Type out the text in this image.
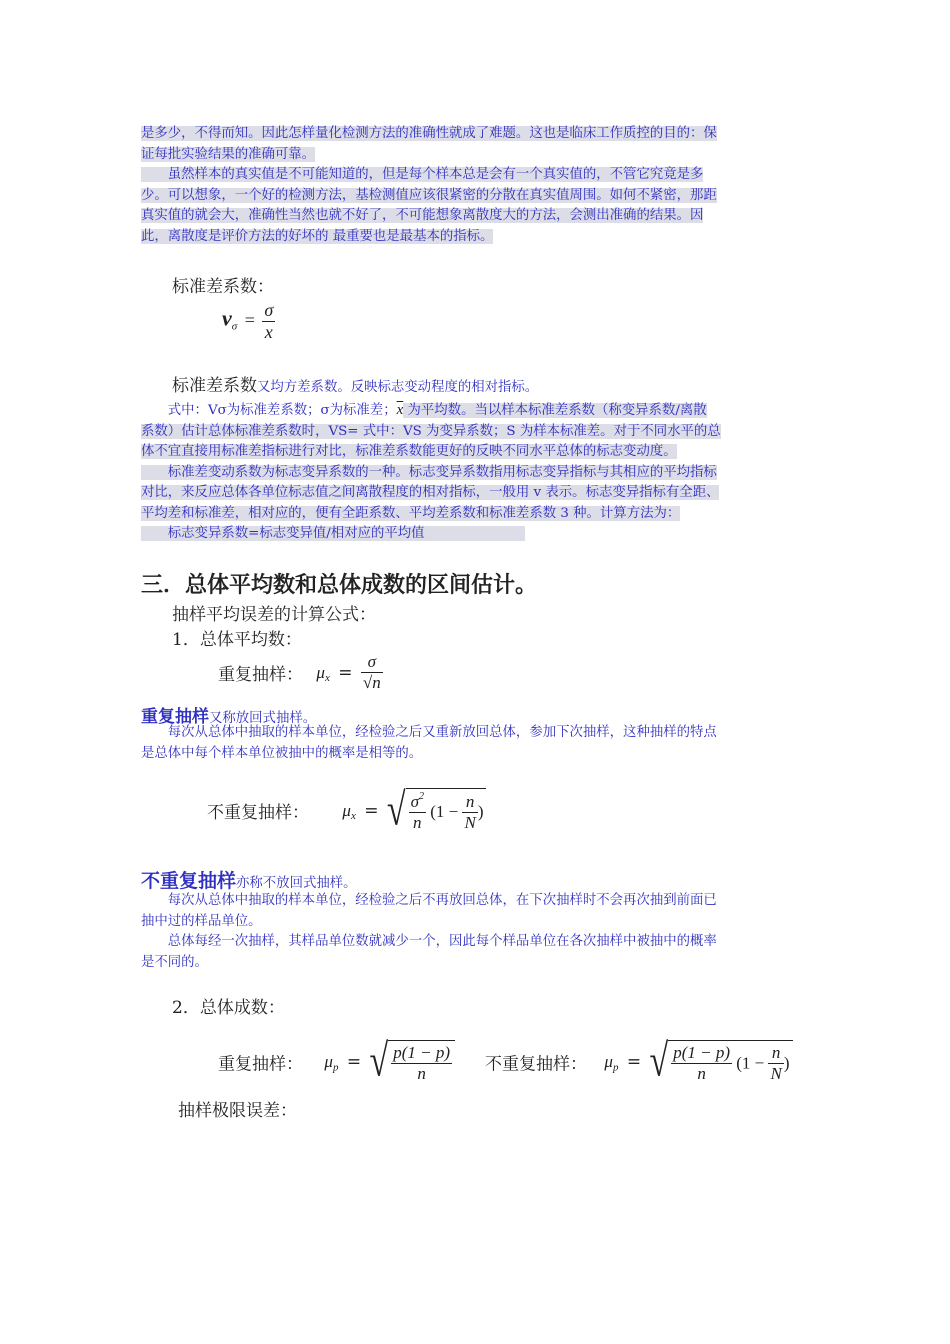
是多少，不得而知。因此怎样量化检测方法的准确性就成了难题。这也是临床工作质控的目的：保
证每批实验结果的准确可靠。
　　虽然样本的真实值是不可能知道的，但是每个样本总是会有一个真实值的，不管它究竟是多
少。可以想象，一个好的检测方法，基检测值应该很紧密的分散在真实值周围。如何不紧密，那距
真实值的就会大，准确性当然也就不好了，不可能想象离散度大的方法，会测出准确的结果。因
此，离散度是评价方法的好坏的 最重要也是最基本的指标。
标准差系数：
$v_\sigma = \frac{\sigma}{x}$
标准差系数又均方差系数。反映标志变动程度的相对指标。
　　式中：Vσ为标准差系数；σ为标准差；$\overline{x}$ 为平均数。当以样本标准差系数（称变异系数/离散
系数）估计总体标准差系数时，VS= 式中：VS 为变异系数；S 为样本标准差。对于不同水平的总
体不宜直接用标准差指标进行对比，标准差系数能更好的反映不同水平总体的标志变动度。
　　标准差变动系数为标志变异系数的一种。标志变异系数指用标志变异指标与其相应的平均指标
对比，来反应总体各单位标志值之间离散程度的相对指标，一般用 v 表示。标志变异指标有全距、
平均差和标准差，相对应的，便有全距系数、平均差系数和标准差系数 3 种。计算方法为：
　　标志变异系数=标志变异值/相对应的平均值
三．总体平均数和总体成数的区间估计。
抽样平均误差的计算公式：
1．总体平均数：
重复抽样： $\mu_x = \frac{\sigma}{√n}$
重复抽样又称放回式抽样。
　　每次从总体中抽取的样本单位，经检验之后又重新放回总体，参加下次抽样，这种抽样的特点
是总体中每个样本单位被抽中的概率是相等的。
不重复抽样： $\mu_x$ = √ $\frac{\sigma^2}{n} (1 - \frac{n}{N}$ )
不重复抽样亦称不放回式抽样。
　　每次从总体中抽取的样本单位，经检验之后不再放回总体，在下次抽样时不会再次抽到前面已
抽中过的样品单位。
　　总体每经一次抽样，其样品单位数就减少一个，因此每个样品单位在各次抽样中被抽中的概率
是不同的。
2．总体成数：
重复抽样： $\mu_p$ = √ $\frac{p(1 - p)}{n}$ 不重复抽样： $\mu_p$ = √ $\frac{p(1 - p)}{n} (1 - \frac{n}{N}$ )
抽样极限误差：
